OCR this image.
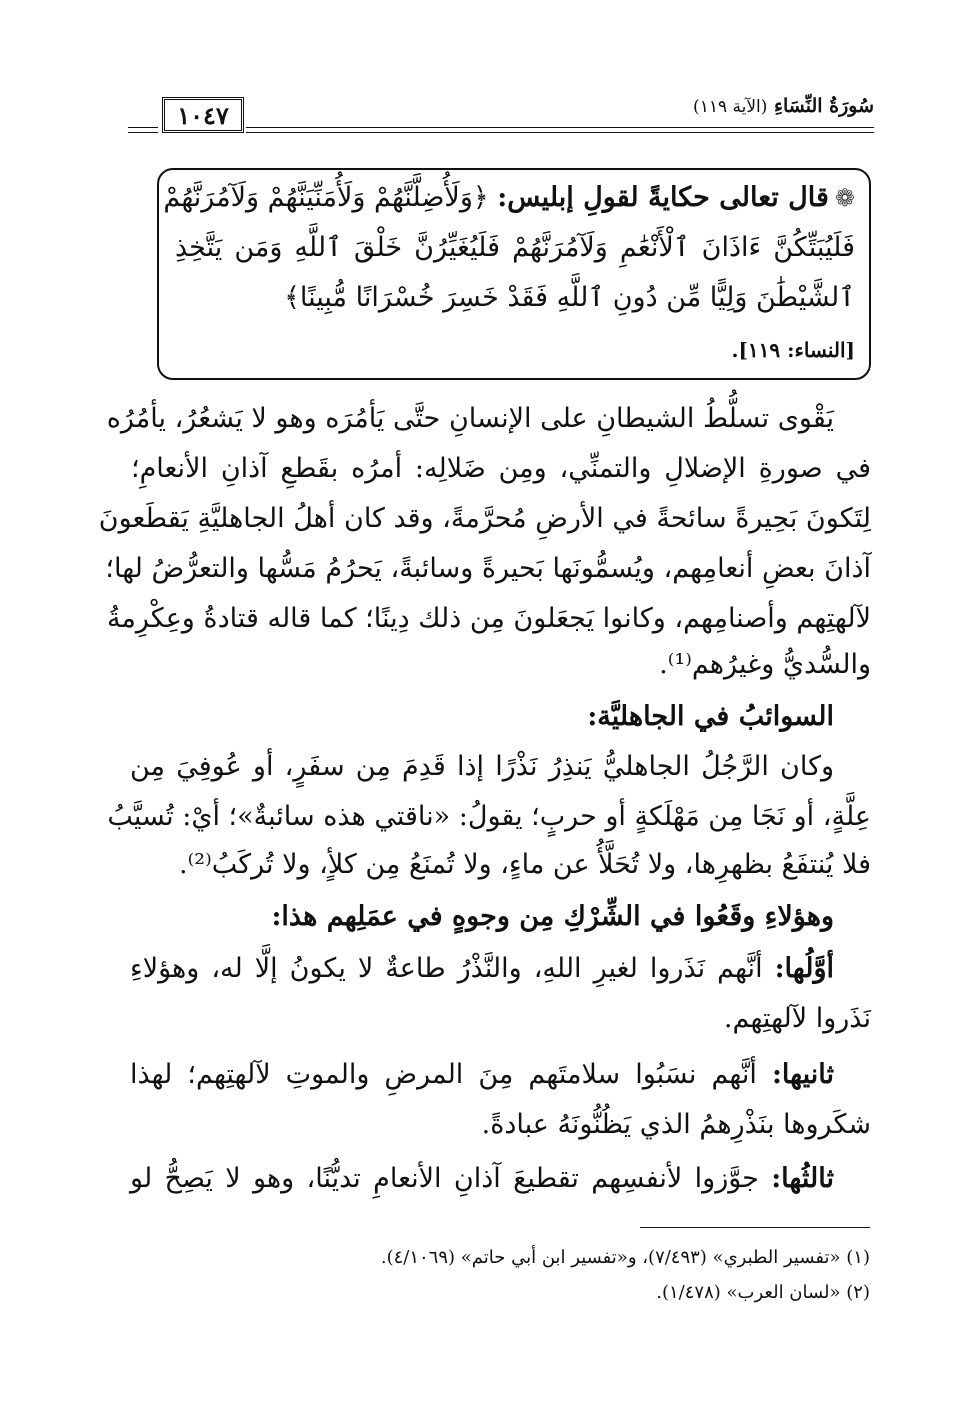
سُورَةُ النِّسَاءِ (الآية ١١٩)
١٠٤٧
❁قال تعالى حكايةً لقولِ إبليس: ﴿وَلَأُضِلَّنَّهُمْ وَلَأُمَنِّيَنَّهُمْ وَلَآمُرَنَّهُمْ
فَلَيُبَتِّكُنَّ ءَاذَانَ ٱلْأَنْعَٰمِ وَلَآمُرَنَّهُمْ فَلَيُغَيِّرُنَّ خَلْقَ ٱللَّهِ وَمَن يَتَّخِذِ
ٱلشَّيْطَٰنَ وَلِيًّا مِّن دُونِ ٱللَّهِ فَقَدْ خَسِرَ خُسْرَانًا مُّبِينًا﴾
[النساء: ١١٩].
يَقْوى تسلُّطُ الشيطانِ على الإنسانِ حتَّى يَأمُرَه وهو لا يَشعُرُ، يأمُرُه
في صورةِ الإضلالِ والتمنِّي، ومِن ضَلالِه: أمرُه بقَطعِ آذانِ الأنعامِ؛
لِتَكونَ بَحِيرةً سائحةً في الأرضِ مُحرَّمةً، وقد كان أهلُ الجاهليَّةِ يَقطَعونَ
آذانَ بعضِ أنعامِهم، ويُسمُّونَها بَحيرةً وسائبةً، يَحرُمُ مَسُّها والتعرُّضُ لها؛
لآلهتِهم وأصنامِهم، وكانوا يَجعَلونَ مِن ذلك دِينًا؛ كما قاله قتادةُ وعِكْرِمةُ
والسُّديُّ وغيرُهم⁽¹⁾.
السوائبُ في الجاهليَّة:
وكان الرَّجُلُ الجاهليُّ يَنذِرُ نَذْرًا إذا قَدِمَ مِن سفَرٍ، أو عُوفِيَ مِن
عِلَّةٍ، أو نَجَا مِن مَهْلَكةٍ أو حربٍ؛ يقولُ: «ناقتي هذه سائبةٌ»؛ أيْ: تُسيَّبُ
فلا يُنتفَعُ بظهرِها، ولا تُحَلَّأُ عن ماءٍ، ولا تُمنَعُ مِن كلأٍ، ولا تُركَبُ⁽²⁾.
وهؤلاءِ وقَعُوا في الشِّرْكِ مِن وجوهٍ في عمَلِهم هذا:
أوَّلُها: أنَّهم نَذَروا لغيرِ اللهِ، والنَّذْرُ طاعةٌ لا يكونُ إلَّا له، وهؤلاءِ
نَذَروا لآلهتِهم.
ثانيها: أنَّهم نسَبُوا سلامتَهم مِنَ المرضِ والموتِ لآلهتِهم؛ لهذا
شكَروها بنَذْرِهمُ الذي يَظُنُّونَهُ عبادةً.
ثالثُها: جوَّزوا لأنفسِهم تقطيعَ آذانِ الأنعامِ تديُّنًا، وهو لا يَصِحُّ لو
(١) «تفسير الطبري» (٧/٤٩٣)، و«تفسير ابن أبي حاتم» (٤/١٠٦٩).
(٢) «لسان العرب» (١/٤٧٨).
